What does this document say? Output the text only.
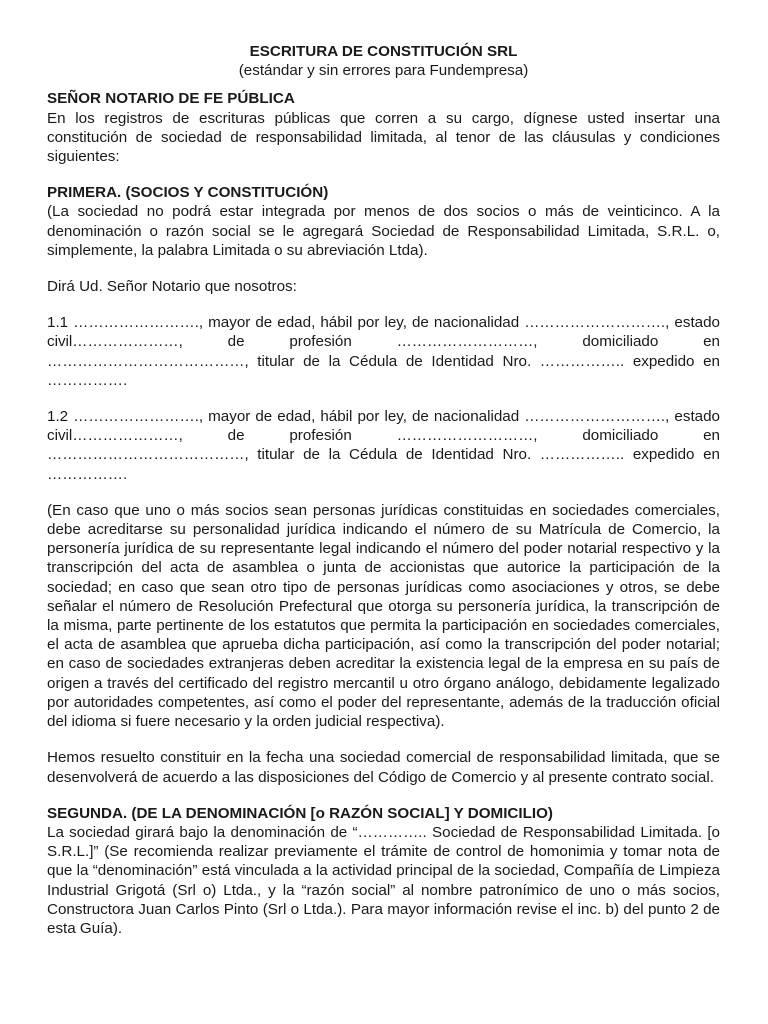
ESCRITURA DE CONSTITUCIÓN SRL
(estándar y sin errores para Fundempresa)
SEÑOR NOTARIO DE FE PÚBLICA

En los registros de escrituras públicas que corren a su cargo, dígnese usted insertar una constitución de sociedad de responsabilidad limitada, al tenor de las cláusulas y condiciones siguientes:

PRIMERA. (SOCIOS Y CONSTITUCIÓN)

(La sociedad no podrá estar integrada por menos de dos socios o más de veinticinco. A la denominación o razón social se le agregará Sociedad de Responsabilidad Limitada, S.R.L. o, simplemente, la palabra Limitada o su abreviación Ltda).

Dirá Ud. Señor Notario que nosotros:

1.1 ……………………., mayor de edad, hábil por ley, de nacionalidad ………………………., estado civil…………………, de profesión ………………………, domiciliado en …………………………………, titular de la Cédula de Identidad Nro. …………….. expedido en …………….

1.2 ……………………., mayor de edad, hábil por ley, de nacionalidad ………………………., estado civil…………………, de profesión ………………………, domiciliado en …………………………………, titular de la Cédula de Identidad Nro. …………….. expedido en …………….

(En caso que uno o más socios sean personas jurídicas constituidas en sociedades comerciales, debe acreditarse su personalidad jurídica indicando el número de su Matrícula de Comercio, la personería jurídica de su representante legal indicando el número del poder notarial respectivo y la transcripción del acta de asamblea o junta de accionistas que autorice la participación de la sociedad; en caso que sean otro tipo de personas jurídicas como asociaciones y otros, se debe señalar el número de Resolución Prefectural que otorga su personería jurídica, la transcripción de la misma, parte pertinente de los estatutos que permita la participación en sociedades comerciales, el acta de asamblea que aprueba dicha participación, así como la transcripción del poder notarial; en caso de sociedades extranjeras deben acreditar la existencia legal de la empresa en su país de origen a través del certificado del registro mercantil u otro órgano análogo, debidamente legalizado por autoridades competentes, así como el poder del representante, además de la traducción oficial del idioma si fuere necesario y la orden judicial respectiva).

Hemos resuelto constituir en la fecha una sociedad comercial de responsabilidad limitada, que se desenvolverá de acuerdo a las disposiciones del Código de Comercio y al presente contrato social.

SEGUNDA. (DE LA DENOMINACIÓN [o RAZÓN SOCIAL] Y DOMICILIO)

La sociedad girará bajo la denominación de “………….. Sociedad de Responsabilidad Limitada. [o S.R.L.]” (Se recomienda realizar previamente el trámite de control de homonimia y tomar nota de que la “denominación” está vinculada a la actividad principal de la sociedad, Compañía de Limpieza Industrial Grigotá (Srl o) Ltda., y la “razón social” al nombre patronímico de uno o más socios, Constructora Juan Carlos Pinto (Srl o Ltda.). Para mayor información revise el inc. b) del punto 2 de esta Guía).
